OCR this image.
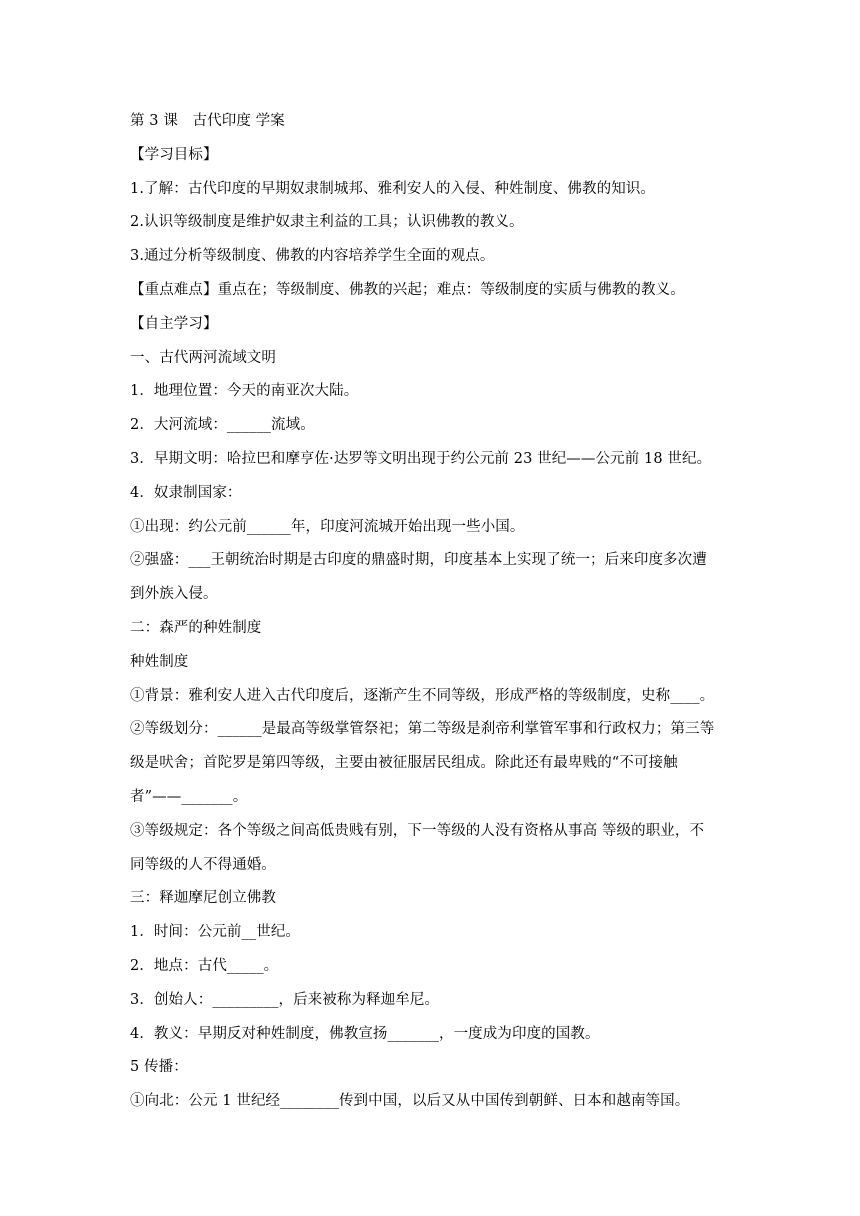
第 3 课　古代印度 学案
【学习目标】
1.了解：古代印度的早期奴隶制城邦、雅利安人的入侵、种姓制度、佛教的知识。
2.认识等级制度是维护奴隶主利益的工具；认识佛教的教义。
3.通过分析等级制度、佛教的内容培养学生全面的观点。
【重点难点】重点在；等级制度、佛教的兴起；难点：等级制度的实质与佛教的教义。
【自主学习】
一、古代两河流域文明
1．地理位置：今天的南亚次大陆。
2．大河流域：______流域。
3．早期文明：哈拉巴和摩亨佐·达罗等文明出现于约公元前 23 世纪——公元前 18 世纪。
4．奴隶制国家：
①出现：约公元前______年，印度河流城开始出现一些小国。
②强盛：___王朝统治时期是古印度的鼎盛时期，印度基本上实现了统一；后来印度多次遭
到外族入侵。
二：森严的种姓制度
种姓制度
①背景：雅利安人进入古代印度后，逐渐产生不同等级，形成严格的等级制度，史称____。
②等级划分：______是最高等级掌管祭祀；第二等级是刹帝利掌管军事和行政权力；第三等
级是吠舍；首陀罗是第四等级，主要由被征服居民组成。除此还有最卑贱的“不可接触
者”——_______。
③等级规定：各个等级之间高低贵贱有别，下一等级的人没有资格从事高 等级的职业，不
同等级的人不得通婚。
三：释迦摩尼创立佛教
1．时间：公元前__世纪。
2．地点：古代_____。
3．创始人：_________，后来被称为释迦牟尼。
4．教义：早期反对种姓制度，佛教宣扬_______，一度成为印度的国教。
5 传播：
①向北：公元 1 世纪经________传到中国，以后又从中国传到朝鲜、日本和越南等国。
